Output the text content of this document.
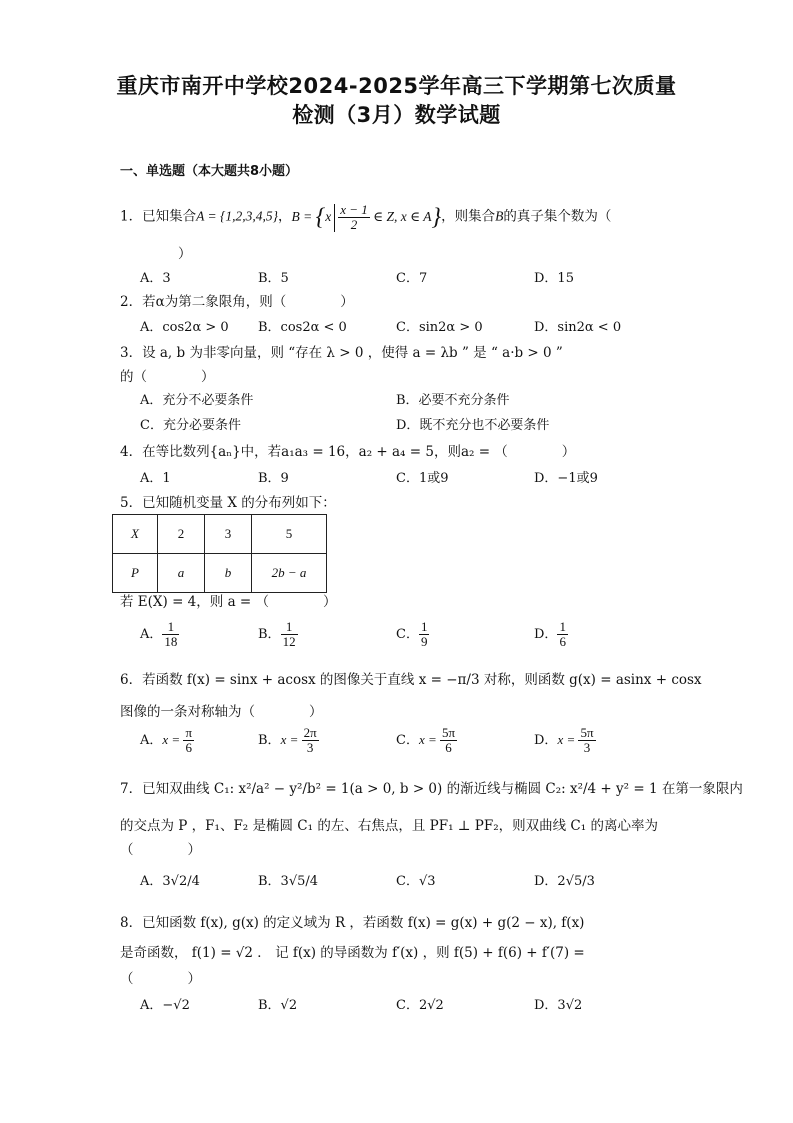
重庆市南开中学校2024-2025学年高三下学期第七次质量
检测（3月）数学试题
一、单选题（本大题共8小题）
1．已知集合A = {1,2,3,4,5}，$B = \{x \frac{x - 1}{2}$ ∈ Z, x ∈ A}，则集合B的真子集个数为（
）
A．3	B．5	C．7	D．15
2．若α为第二象限角，则（　　　　）
A．cos2α > 0 B．cos2α < 0	C．sin2α > 0	D．sin2α < 0
3．设 a, b 为非零向量，则 “存在 λ > 0 ，使得 a = λb ” 是 “ a·b > 0 ”
的（　　　　）
A．充分不必要条件	B．必要不充分条件
C．充分必要条件	D．既不充分也不必要条件
4．在等比数列{aₙ}中，若a₁a₃ = 16，a₂ + a₄ = 5，则a₂ = （　　　　）
A．1	B．9	C．1或9	D．−1或9
5．已知随机变量 X 的分布列如下：
X	2	3	5
P	a	b	2b − a
若 E(X) = 4，则 a = （　　　　）
A． $\frac{1}{18}$	B． $\frac{1}{12}$	C． $\frac{1}{9}$	D． $\frac{1}{6}$
6．若函数 f(x) = sinx + acosx 的图像关于直线 x = −π/3 对称，则函数 g(x) = asinx + cosx
图像的一条对称轴为（　　　　）
A．$x = \frac{\pi}{6}$	B．$x = \frac{2\pi}{3}$	C．$x = \frac{5\pi}{6}$	D．$x = \frac{5\pi}{3}$
7．已知双曲线 C₁: x²/a² − y²/b² = 1(a > 0, b > 0) 的渐近线与椭圆 C₂: x²/4 + y² = 1 在第一象限内
的交点为 P ，F₁、F₂ 是椭圆 C₁ 的左、右焦点，且 PF₁ ⊥ PF₂，则双曲线 C₁ 的离心率为
（　　　　）
A．3√2/4	B．3√5/4	C．√3	D．2√5/3
8．已知函数 f(x), g(x) 的定义域为 R ，若函数 f(x) = g(x) + g(2 − x), f(x)
是奇函数， f(1) = √2 ． 记 f(x) 的导函数为 f′(x) ，则 f(5) + f(6) + f′(7) =
（　　　　）
A．−√2	B．√2	C．2√2	D．3√2
